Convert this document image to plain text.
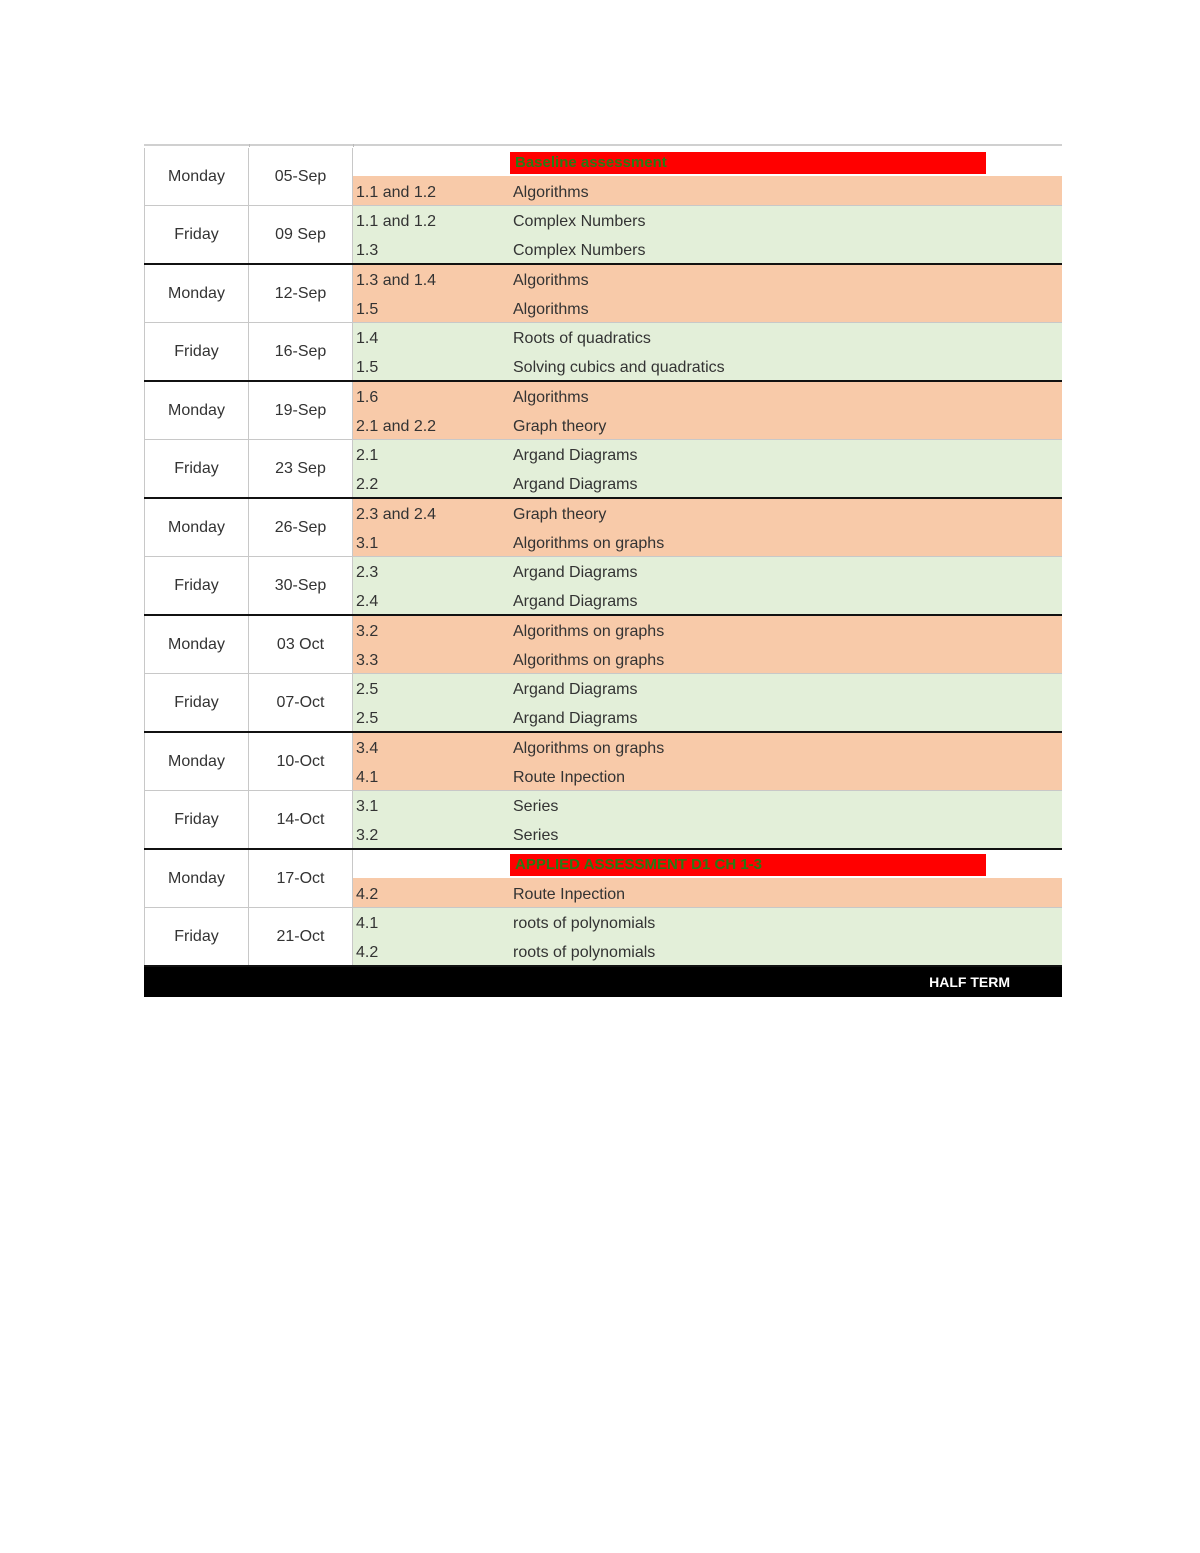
Monday	05-Sep
Baseline assessment
1.1 and 1.2	Algorithms
Friday	09 Sep
1.1 and 1.2	Complex Numbers
1.3	Complex Numbers
Monday	12-Sep
1.3 and 1.4	Algorithms
1.5	Algorithms
Friday	16-Sep
1.4	Roots of quadratics
1.5	Solving cubics and quadratics
Monday	19-Sep
1.6	Algorithms
2.1 and 2.2	Graph theory
Friday	23 Sep
2.1	Argand Diagrams
2.2	Argand Diagrams
Monday	26-Sep
2.3 and 2.4	Graph theory
3.1	Algorithms on graphs
Friday	30-Sep
2.3	Argand Diagrams
2.4	Argand Diagrams
Monday	03 Oct
3.2	Algorithms on graphs
3.3	Algorithms on graphs
Friday	07-Oct
2.5	Argand Diagrams
2.5	Argand Diagrams
Monday	10-Oct
3.4	Algorithms on graphs
4.1	Route Inpection
Friday	14-Oct
3.1	Series
3.2	Series
Monday	17-Oct
APPLIED ASSESSMENT D1 CH 1-3
4.2	Route Inpection
Friday	21-Oct
4.1	roots of polynomials
4.2	roots of polynomials
HALF TERM
